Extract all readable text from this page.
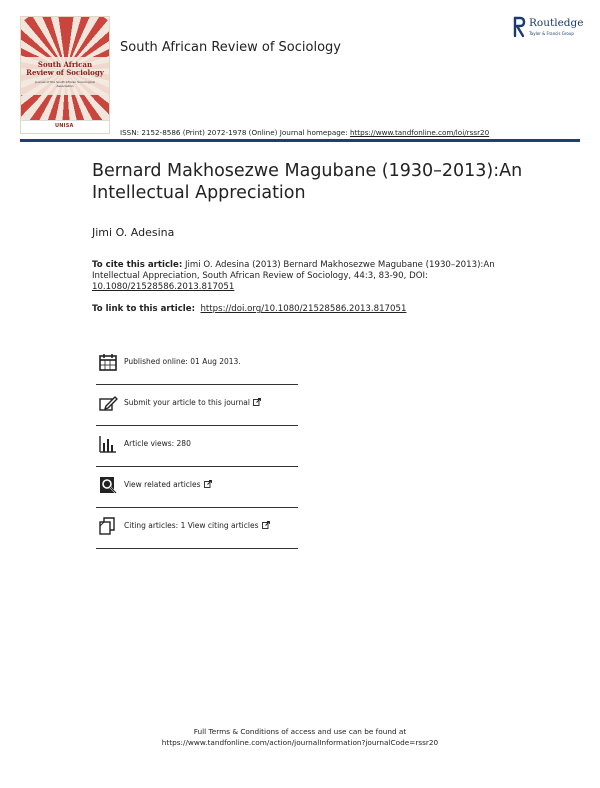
South African
Review of Sociology
Journal of the South African Sociological Association
UNISA
South African Review of Sociology
Routledge
Taylor & Francis Group
ISSN: 2152-8586 (Print) 2072-1978 (Online) Journal homepage: https://www.tandfonline.com/loi/rssr20
Bernard Makhosezwe Magubane (1930–2013):An Intellectual Appreciation
Jimi O. Adesina
To cite this article: Jimi O. Adesina (2013) Bernard Makhosezwe Magubane (1930–2013):An Intellectual Appreciation, South African Review of Sociology, 44:3, 83-90, DOI: 10.1080/21528586.2013.817051
To link to this article: https://doi.org/10.1080/21528586.2013.817051
Published online: 01 Aug 2013.
Submit your article to this journal
Article views: 280
View related articles
Citing articles: 1 View citing articles
Full Terms & Conditions of access and use can be found at
https://www.tandfonline.com/action/journalInformation?journalCode=rssr20
